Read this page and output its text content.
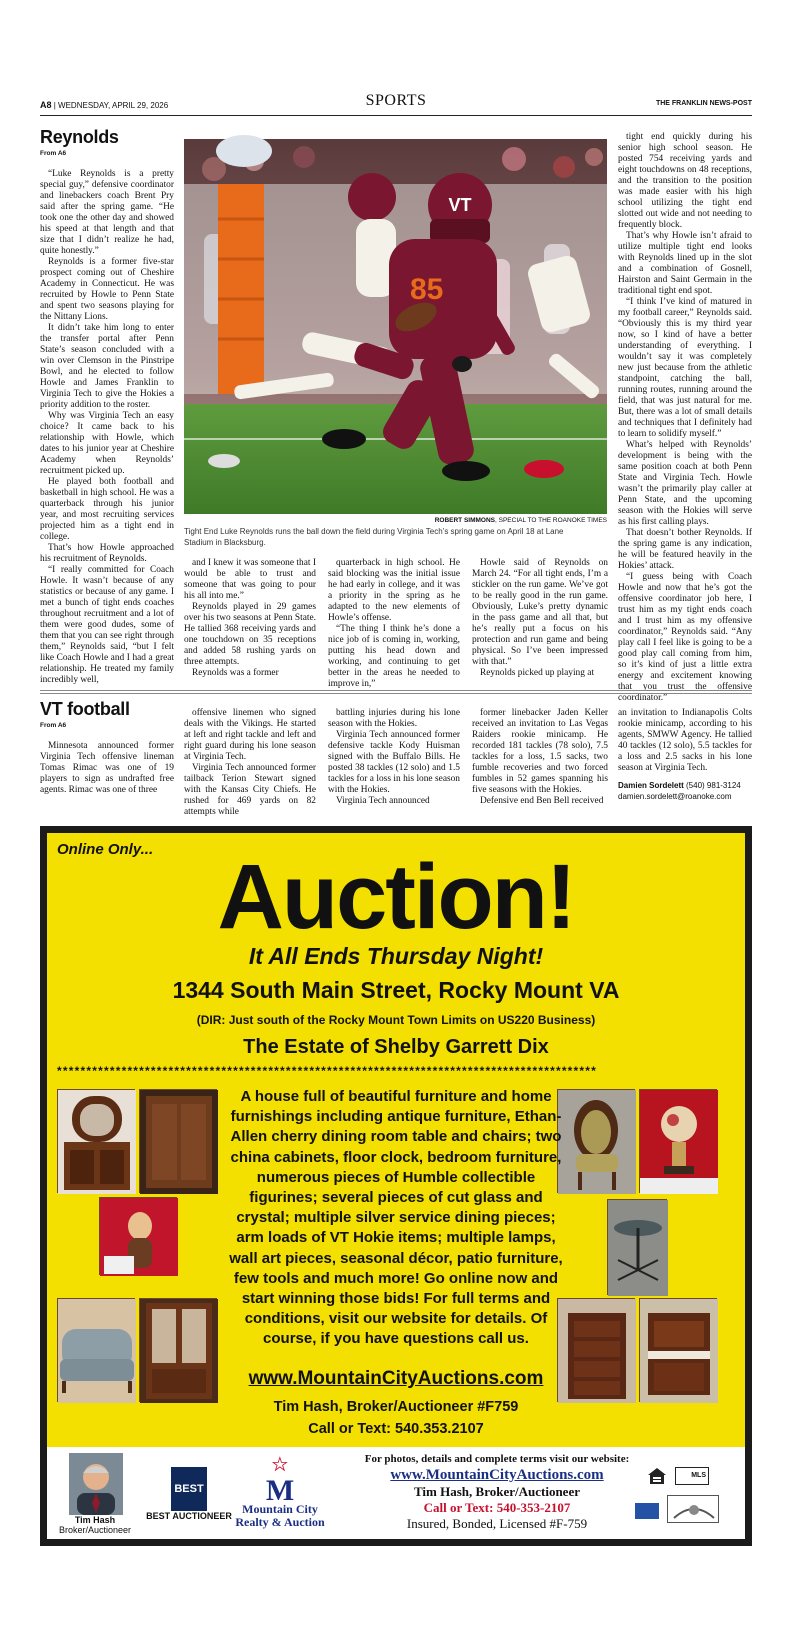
A8 | WEDNESDAY, APRIL 29, 2026	SPORTS	THE FRANKLIN NEWS-POST
Reynolds
From A6

“Luke Reynolds is a pretty special guy,” defensive coordinator and linebackers coach Brent Pry said after the spring game. “He took one the other day and showed his speed at that length and that size that I didn’t realize he had, quite honestly.”

Reynolds is a former five-star prospect coming out of Cheshire Academy in Connecticut. He was recruited by Howle to Penn State and spent two seasons playing for the Nittany Lions.

It didn’t take him long to enter the transfer portal after Penn State’s season concluded with a win over Clemson in the Pinstripe Bowl, and he elected to follow Howle and James Franklin to Virginia Tech to give the Hokies a priority addition to the roster.

Why was Virginia Tech an easy choice? It came back to his relationship with Howle, which dates to his junior year at Cheshire Academy when Reynolds’ recruitment picked up.

He played both football and basketball in high school. He was a quarterback through his junior year, and most recruiting services projected him as a tight end in college.

That’s how Howle approached his recruitment of Reynolds.

“I really committed for Coach Howle. It wasn’t because of any statistics or because of any game. I met a bunch of tight ends coaches throughout recruitment and a lot of them were good dudes, some of them that you can see right through them,” Reynolds said, “but I felt like Coach Howle and I had a great relationship. He treated my family incredibly well,

VT
85
ROBERT SIMMONS, SPECIAL TO THE ROANOKE TIMES
Tight End Luke Reynolds runs the ball down the field during Virginia Tech’s spring game on April 18 at Lane Stadium in Blacksburg.

and I knew it was someone that I would be able to trust and someone that was going to pour his all into me.”

Reynolds played in 29 games over his two seasons at Penn State. He tallied 368 receiving yards and one touchdown on 35 receptions and added 58 rushing yards on three attempts.

Reynolds was a former

quarterback in high school. He said blocking was the initial issue he had early in college, and it was a priority in the spring as he adapted to the new elements of Howle’s offense.

“The thing I think he’s done a nice job of is coming in, working, putting his head down and working, and continuing to get better in the areas he needed to improve in,”

Howle said of Reynolds on March 24. “For all tight ends, I’m a stickler on the run game. We’ve got to be really good in the run game. Obviously, Luke’s pretty dynamic in the pass game and all that, but he’s really put a focus on his protection and run game and being physical. So I’ve been impressed with that.”

Reynolds picked up playing at

tight end quickly during his senior high school season. He posted 754 receiving yards and eight touchdowns on 48 receptions, and the transition to the position was made easier with his high school utilizing the tight end slotted out wide and not needing to frequently block.

That’s why Howle isn’t afraid to utilize multiple tight end looks with Reynolds lined up in the slot and a combination of Gosnell, Hairston and Saint Germain in the traditional tight end spot.

“I think I’ve kind of matured in my football career,” Reynolds said. “Obviously this is my third year now, so I kind of have a better understanding of everything. I wouldn’t say it was completely new just because from the athletic standpoint, catching the ball, running routes, running around the field, that was just natural for me. But, there was a lot of small details and techniques that I definitely had to learn to solidify myself.”

What’s helped with Reynolds’ development is being with the same position coach at both Penn State and Virginia Tech. Howle wasn’t the primarily play caller at Penn State, and the upcoming season with the Hokies will serve as his first calling plays.

That doesn’t bother Reynolds. If the spring game is any indication, he will be featured heavily in the Hokies’ attack.

“I guess being with Coach Howle and now that he’s got the offensive coordinator job here, I trust him as my tight ends coach and I trust him as my offensive coordinator,” Reynolds said. “Any play call I feel like is going to be a good play call coming from him, so it’s kind of just a little extra energy and excitement knowing that you trust the offensive coordinator.”

VT football
From A6

Minnesota announced former Virginia Tech offensive lineman Tomas Rimac was one of 19 players to sign as undrafted free agents. Rimac was one of three

offensive linemen who signed deals with the Vikings. He started at left and right tackle and left and right guard during his lone season at Virginia Tech.

Virginia Tech announced former tailback Terion Stewart signed with the Kansas City Chiefs. He rushed for 469 yards on 82 attempts while

battling injuries during his lone season with the Hokies.

Virginia Tech announced former defensive tackle Kody Huisman signed with the Buffalo Bills. He posted 38 tackles (12 solo) and 1.5 tackles for a loss in his lone season with the Hokies.

Virginia Tech announced

former linebacker Jaden Keller received an invitation to Las Vegas Raiders rookie minicamp. He recorded 181 tackles (78 solo), 7.5 tackles for a loss, 1.5 sacks, two fumble recoveries and two forced fumbles in 52 games spanning his five seasons with the Hokies.

Defensive end Ben Bell received

an invitation to Indianapolis Colts rookie minicamp, according to his agents, SMWW Agency. He tallied 40 tackles (12 solo), 5.5 tackles for a loss and 2.5 sacks in his lone season at Virginia Tech.

Damien Sordelett (540) 981-3124
damien.sordelett@roanoke.com
Online Only... Auction!
It All Ends Thursday Night!
1344 South Main Street, Rocky Mount VA
(DIR: Just south of the Rocky Mount Town Limits on US220 Business)
The Estate of Shelby Garrett Dix
********************************************************************************************
A house full of beautiful furniture and home furnishings including antique furniture, Ethan-Allen cherry dining room table and chairs; two china cabinets, floor clock, bedroom furniture, numerous pieces of Humble collectible figurines; several pieces of cut glass and crystal; multiple silver service dining pieces; arm loads of VT Hokie items; multiple lamps, wall art pieces, seasonal décor, patio furniture, few tools and much more! Go online now and start winning those bids! For full terms and conditions, visit our website for details. Of course, if you have questions call us.
www.MountainCityAuctions.com
Tim Hash, Broker/Auctioneer #F759
Call or Text: 540.353.2107
Tim Hash
Broker/Auctioneer
BEST
BEST AUCTIONEER
M
Mountain City
Realty & Auction
For photos, details and complete terms visit our website:
www.MountainCityAuctions.com
Tim Hash, Broker/Auctioneer
Call or Text: 540-353-2107
Insured, Bonded, Licensed #F-759
MLS
